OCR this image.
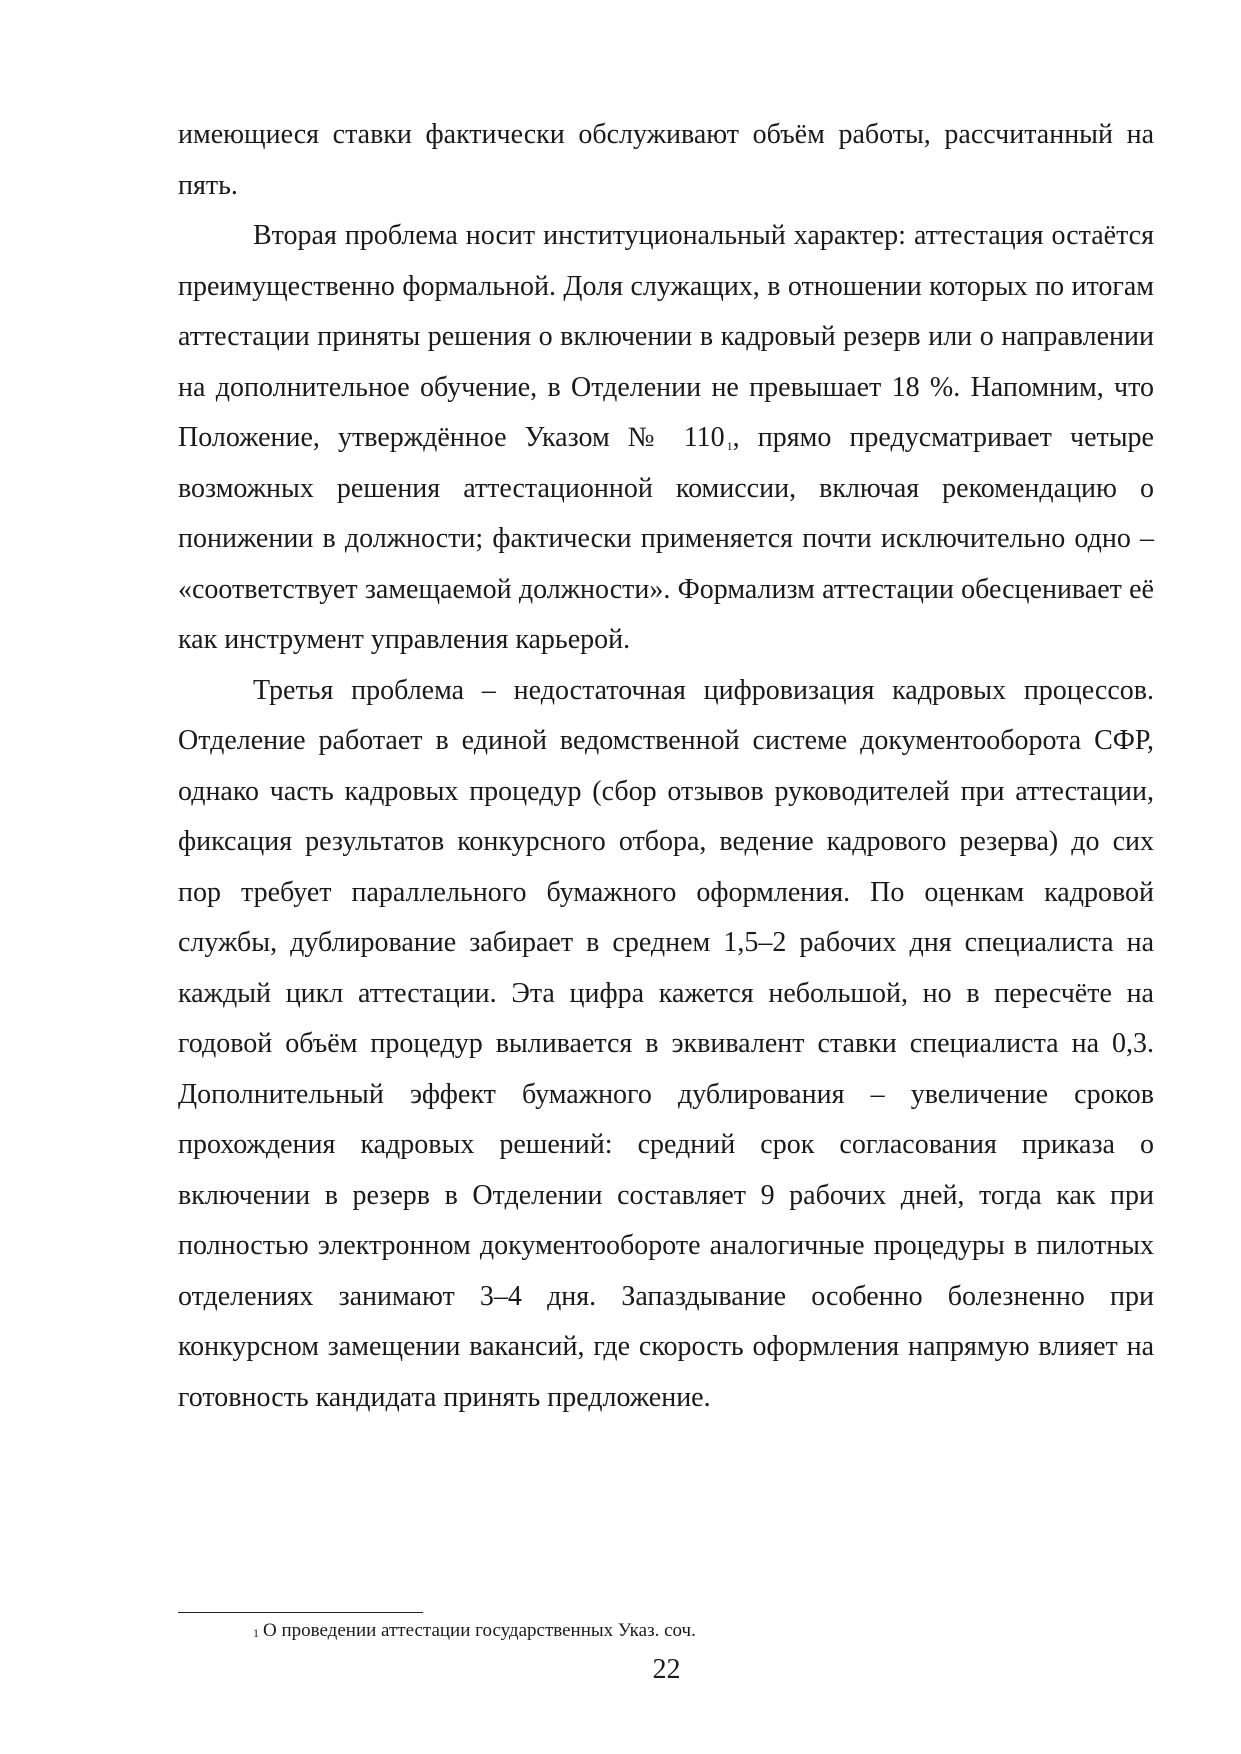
имеющиеся ставки фактически обслуживают объём работы, рассчитанный на пять.

Вторая проблема носит институциональный характер: аттестация остаётся преимущественно формальной. Доля служащих, в отношении которых по итогам аттестации приняты решения о включении в кадровый резерв или о направлении на дополнительное обучение, в Отделении не превышает 18 %. Напомним, что Положение, утверждённое Указом № 110 $^1$, прямо предусматривает четыре возможных решения аттестационной комиссии, включая рекомендацию о понижении в должности; фактически применяется почти исключительно одно – «соответствует замещаемой должности». Формализм аттестации обесценивает её как инструмент управления карьерой.

Третья проблема – недостаточная цифровизация кадровых процессов. Отделение работает в единой ведомственной системе документооборота СФР, однако часть кадровых процедур (сбор отзывов руководителей при аттестации, фиксация результатов конкурсного отбора, ведение кадрового резерва) до сих пор требует параллельного бумажного оформления. По оценкам кадровой службы, дублирование забирает в среднем 1,5–2 рабочих дня специалиста на каждый цикл аттестации. Эта цифра кажется небольшой, но в пересчёте на годовой объём процедур выливается в эквивалент ставки специалиста на 0,3. Дополнительный эффект бумажного дублирования – увеличение сроков прохождения кадровых решений: средний срок согласования приказа о включении в резерв в Отделении составляет 9 рабочих дней, тогда как при полностью электронном документообороте аналогичные процедуры в пилотных отделениях занимают 3–4 дня. Запаздывание особенно болезненно при конкурсном замещении вакансий, где скорость оформления напрямую влияет на готовность кандидата принять предложение.

$^1$ О проведении аттестации государственных Указ. соч.
22
